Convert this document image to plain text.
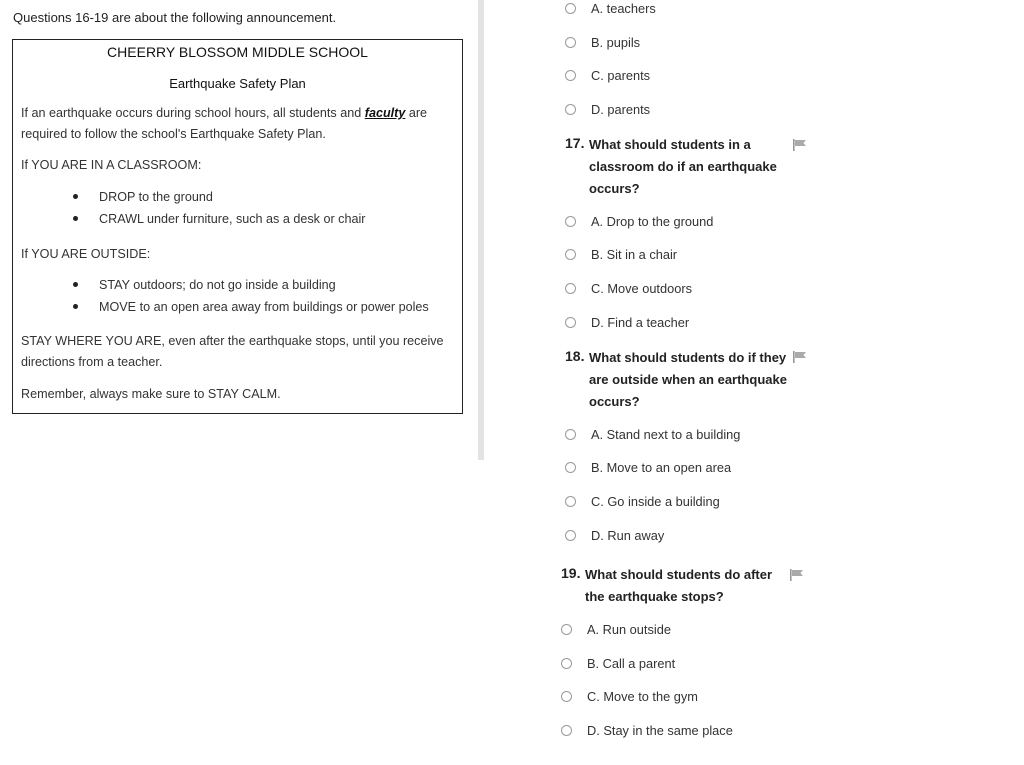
Questions 16-19 are about the following announcement.
CHEERRY BLOSSOM MIDDLE SCHOOL
Earthquake Safety Plan
If an earthquake occurs during school hours, all students and faculty are
required to follow the school's Earthquake Safety Plan.
If YOU ARE IN A CLASSROOM:
DROP to the ground
CRAWL under furniture, such as a desk or chair
If YOU ARE OUTSIDE:
STAY outdoors; do not go inside a building
MOVE to an open area away from buildings or power poles
STAY WHERE YOU ARE, even after the earthquake stops, until you receive
directions from a teacher.
Remember, always make sure to STAY CALM.
A. teachers
B. pupils
C. parents
D. parents
17. What should students in a
classroom do if an earthquake
occurs?
A. Drop to the ground
B. Sit in a chair
C. Move outdoors
D. Find a teacher
18. What should students do if they
are outside when an earthquake
occurs?
A. Stand next to a building
B. Move to an open area
C. Go inside a building
D. Run away
19. What should students do after
the earthquake stops?
A. Run outside
B. Call a parent
C. Move to the gym
D. Stay in the same place
